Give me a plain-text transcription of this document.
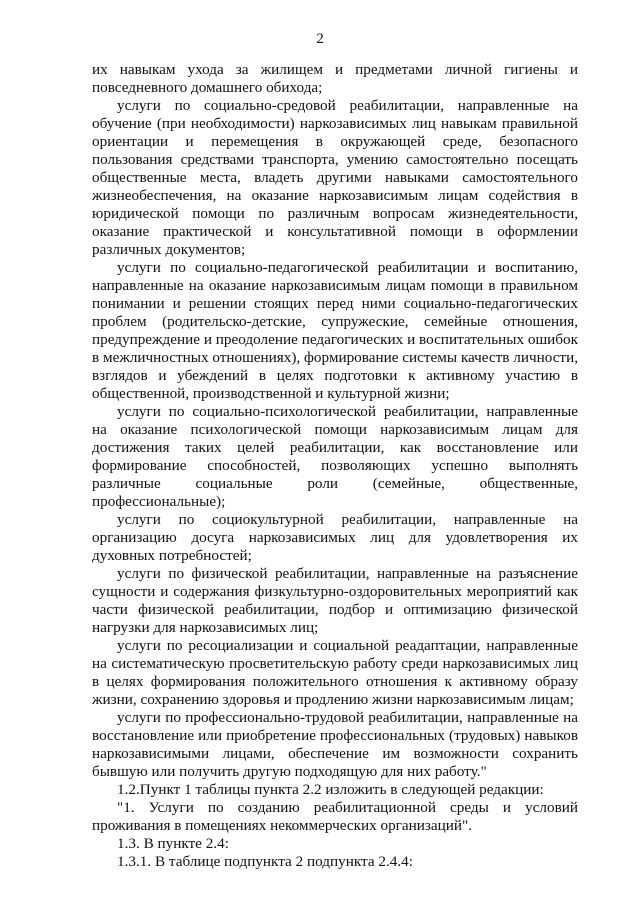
2

их навыкам ухода за жилищем и предметами личной гигиены и повседневного домашнего обихода;

услуги по социально-средовой реабилитации, направленные на обучение (при необходимости) наркозависимых лиц навыкам правильной ориентации и перемещения в окружающей среде, безопасного пользования средствами транспорта, умению самостоятельно посещать общественные места, владеть другими навыками самостоятельного жизнеобеспечения, на оказание наркозависимым лицам содействия в юридической помощи по различным вопросам жизнедеятельности, оказание практической и консультативной помощи в оформлении различных документов;

услуги по социально-педагогической реабилитации и воспитанию, направленные на оказание наркозависимым лицам помощи в правильном понимании и решении стоящих перед ними социально-педагогических проблем (родительско-детские, супружеские, семейные отношения, предупреждение и преодоление педагогических и воспитательных ошибок в межличностных отношениях), формирование системы качеств личности, взглядов и убеждений в целях подготовки к активному участию в общественной, производственной и культурной жизни;

услуги по социально-психологической реабилитации, направленные на оказание психологической помощи наркозависимым лицам для достижения таких целей реабилитации, как восстановление или формирование способностей, позволяющих успешно выполнять различные социальные роли (семейные, общественные, профессиональные);

услуги по социокультурной реабилитации, направленные на организацию досуга наркозависимых лиц для удовлетворения их духовных потребностей;

услуги по физической реабилитации, направленные на разъяснение сущности и содержания физкультурно-оздоровительных мероприятий как части физической реабилитации, подбор и оптимизацию физической нагрузки для наркозависимых лиц;

услуги по ресоциализации и социальной реадаптации, направленные на систематическую просветительскую работу среди наркозависимых лиц в целях формирования положительного отношения к активному образу жизни, сохранению здоровья и продлению жизни наркозависимым лицам;

услуги по профессионально-трудовой реабилитации, направленные на восстановление или приобретение профессиональных (трудовых) навыков наркозависимыми лицами, обеспечение им возможности сохранить бывшую или получить другую подходящую для них работу."

1.2.Пункт 1 таблицы пункта 2.2 изложить в следующей редакции:

"1. Услуги по созданию реабилитационной среды и условий проживания в помещениях некоммерческих организаций".

1.3. В пункте 2.4:

1.3.1. В таблице подпункта 2 подпункта 2.4.4:
